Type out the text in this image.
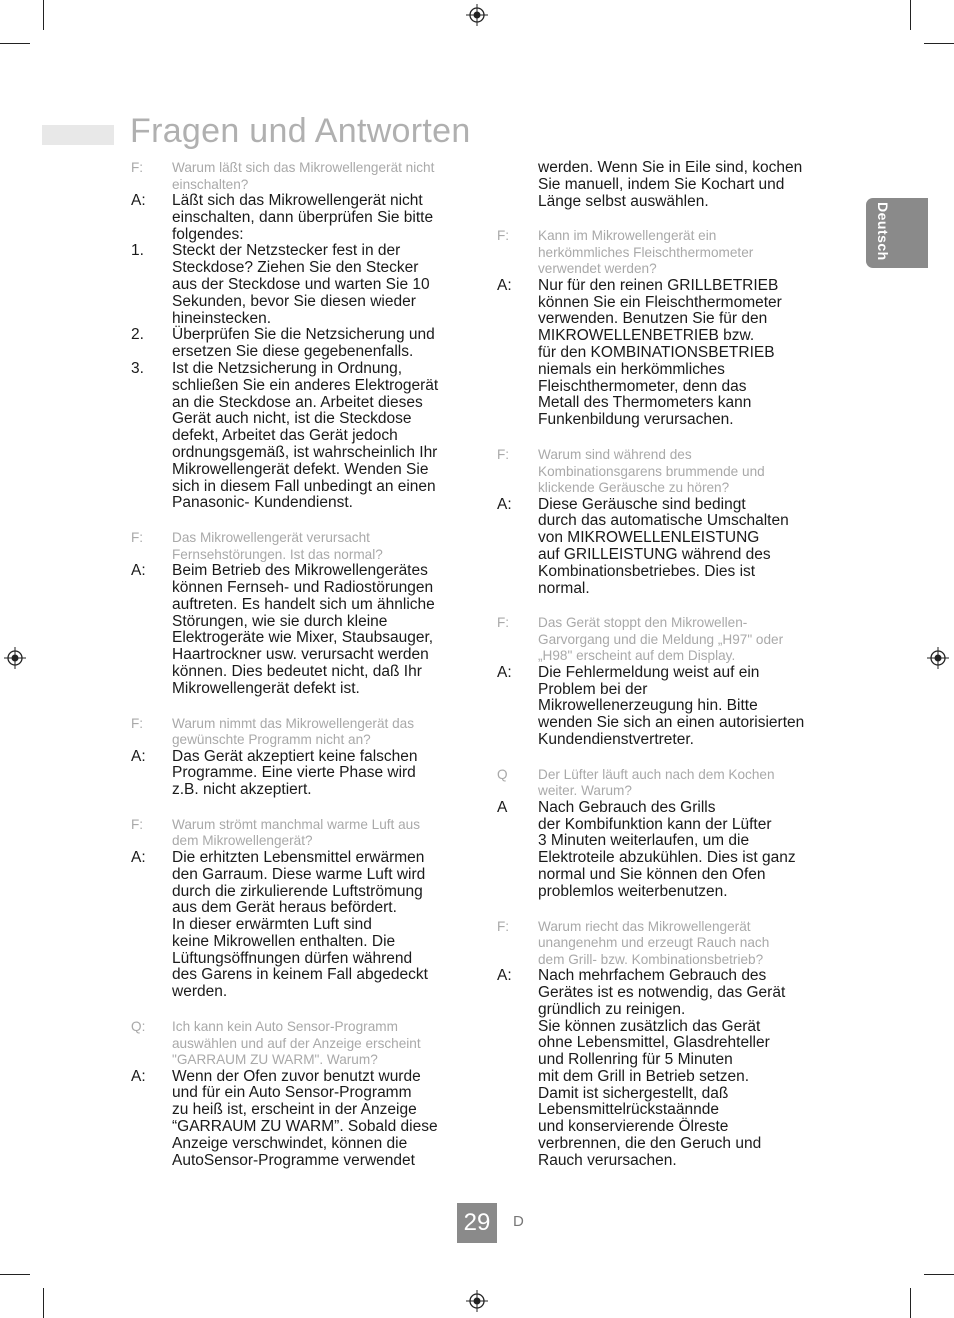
Fragen und Antworten
Deutsch
F:	Warum läßt sich das Mikrowellengerät nicht
einschalten?
A:	Läßt sich das Mikrowellengerät nicht
einschalten, dann überprüfen Sie bitte
folgendes:
1.	Steckt der Netzstecker fest in der
Steckdose? Ziehen Sie den Stecker
aus der Steckdose und warten Sie 10
Sekunden, bevor Sie diesen wieder
hineinstecken.
2.	Überprüfen Sie die Netzsicherung und
ersetzen Sie diese gegebenenfalls.
3.	Ist die Netzsicherung in Ordnung,
schließen Sie ein anderes Elektrogerät
an die Steckdose an. Arbeitet dieses
Gerät auch nicht, ist die Steckdose
defekt, Arbeitet das Gerät jedoch
ordnungsgemäß, ist wahrscheinlich Ihr
Mikrowellengerät defekt. Wenden Sie
sich in diesem Fall unbedingt an einen
Panasonic- Kundendienst.
F:	Das Mikrowellengerät verursacht
Fernsehstörungen. Ist das normal?
A:	Beim Betrieb des Mikrowellengerätes
können Fernseh- und Radiostörungen
auftreten. Es handelt sich um ähnliche
Störungen, wie sie durch kleine
Elektrogeräte wie Mixer, Staubsauger,
Haartrockner usw. verursacht werden
können. Dies bedeutet nicht, daß Ihr
Mikrowellengerät defekt ist.
F:	Warum nimmt das Mikrowellengerät das
gewünschte Programm nicht an?
A:	Das Gerät akzeptiert keine falschen
Programme. Eine vierte Phase wird
z.B. nicht akzeptiert.
F:	Warum strömt manchmal warme Luft aus
dem Mikrowellengerät?
A:	Die erhitzten Lebensmittel erwärmen
den Garraum. Diese warme Luft wird
durch die zirkulierende Luftströmung
aus dem Gerät heraus befördert.
In dieser erwärmten Luft sind
keine Mikrowellen enthalten. Die
Lüftungsöffnungen dürfen während
des Garens in keinem Fall abgedeckt
werden.
Q:	Ich kann kein Auto Sensor-Programm
auswählen und auf der Anzeige erscheint
"GARRAUM ZU WARM". Warum?
A:	Wenn der Ofen zuvor benutzt wurde
und für ein Auto Sensor-Programm
zu heiß ist, erscheint in der Anzeige
“GARRAUM ZU WARM”. Sobald diese
Anzeige verschwindet, können die
AutoSensor-Programme verwendet
werden. Wenn Sie in Eile sind, kochen
Sie manuell, indem Sie Kochart und
Länge selbst auswählen.
F:	Kann im Mikrowellengerät ein
herkömmliches Fleischthermometer
verwendet werden?
A:	Nur für den reinen GRILLBETRIEB
können Sie ein Fleischthermometer
verwenden. Benutzen Sie für den
MIKROWELLENBETRIEB bzw.
für den KOMBINATIONSBETRIEB
niemals ein herkömmliches
Fleischthermometer, denn das
Metall des Thermometers kann
Funkenbildung verursachen.
F:	Warum sind während des
Kombinationsgarens brummende und
klickende Geräusche zu hören?
A:	Diese Geräusche sind bedingt
durch das automatische Umschalten
von MIKROWELLENLEISTUNG
auf GRILLEISTUNG während des
Kombinationsbetriebes. Dies ist
normal.
F:	Das Gerät stoppt den Mikrowellen-
Garvorgang und die Meldung „H97" oder
„H98" erscheint auf dem Display.
A:	Die Fehlermeldung weist auf ein
Problem bei der
Mikrowellenerzeugung hin. Bitte
wenden Sie sich an einen autorisierten
Kundendienstvertreter.
Q	Der Lüfter läuft auch nach dem Kochen
weiter. Warum?
A	Nach Gebrauch des Grills
der Kombifunktion kann der Lüfter
3 Minuten weiterlaufen, um die
Elektroteile abzukühlen. Dies ist ganz
normal und Sie können den Ofen
problemlos weiterbenutzen.
F:	Warum riecht das Mikrowellengerät
unangenehm und erzeugt Rauch nach
dem Grill- bzw. Kombinationsbetrieb?
A:	Nach mehrfachem Gebrauch des
Gerätes ist es notwendig, das Gerät
gründlich zu reinigen.
Sie können zusätzlich das Gerät
ohne Lebensmittel, Glasdrehteller
und Rollenring für 5 Minuten
mit dem Grill in Betrieb setzen.
Damit ist sichergestellt, daß
Lebensmittelrückstaännde
und konservierende Ölreste
verbrennen, die den Geruch und
Rauch verursachen.
29	D
